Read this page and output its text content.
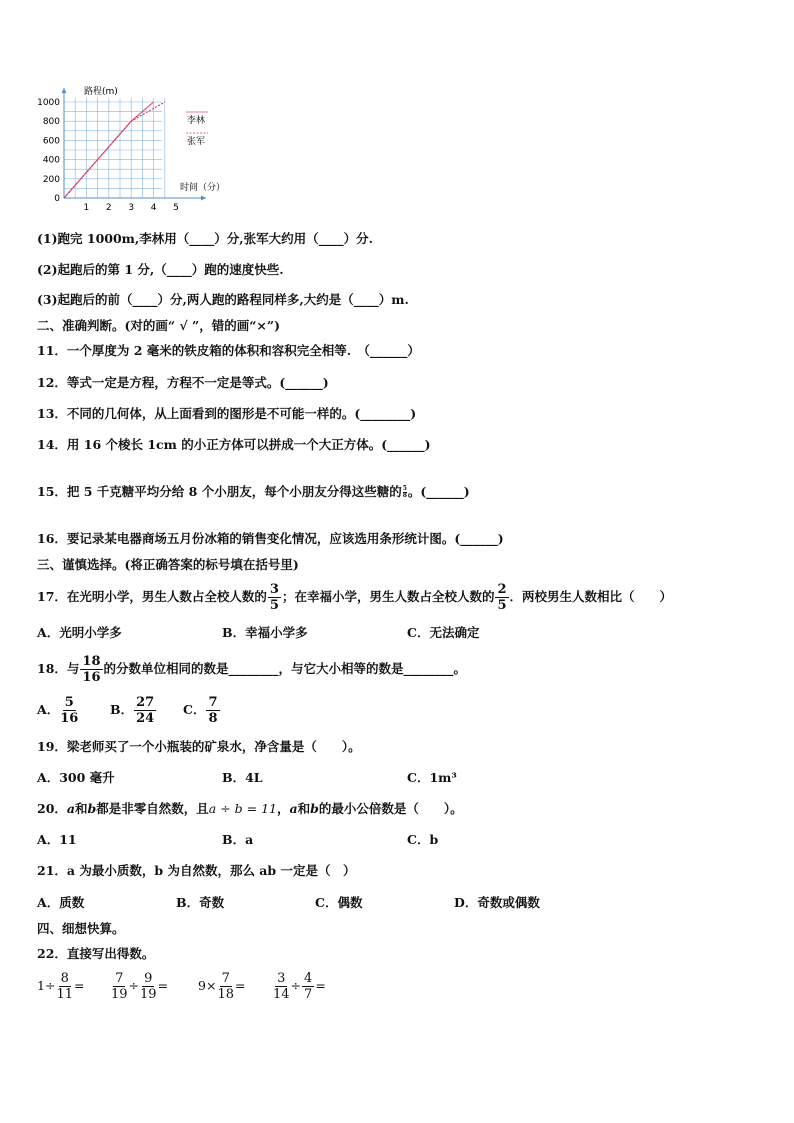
路程(m)
时间（分）
0
200
400
600
800
1000
1 2 3 4 5
李林
张军
(1)跑完 1000m,李林用（____）分,张军大约用（____）分.
(2)起跑后的第 1 分,（____）跑的速度快些.
(3)起跑后的前（____）分,两人跑的路程同样多,大约是（____）m.
二、准确判断。(对的画“ √ ”，错的画“×”)
11．一个厚度为 2 毫米的铁皮箱的体积和容积完全相等.　（______）
12．等式一定是方程，方程不一定是等式。(______)
13．不同的几何体，从上面看到的图形是不可能一样的。(________)
14．用 16 个棱长 1cm 的小正方体可以拼成一个大正方体。(______)
15．把 5 千克糖平均分给 8 个小朋友，每个小朋友分得这些糖的 $\frac{5}{8}$ 。(______)
16．要记录某电器商场五月份冰箱的销售变化情况，应该选用条形统计图。(______)
三、谨慎选择。(将正确答案的标号填在括号里)
17．在光明小学，男生人数占全校人数的 $\frac{3}{5}$ ；在幸福小学，男生人数占全校人数的 $\frac{2}{5}$ ．两校男生人数相比（　　）
A．光明小学多	B．幸福小学多	C．无法确定
18．与 $\frac{18}{16}$ 的分数单位相同的数是________，与它大小相等的数是________。
A． $\frac{5}{16}$	B． $\frac{27}{24}$ C． $\frac{7}{8}$
19．梁老师买了一个小瓶装的矿泉水，净含量是（　　）。
A．300 毫升	B．4L	C．1m³
20．a和b都是非零自然数，且a ÷ b = 11，a和b的最小公倍数是（　　）。
A．11	B．a	C．b
21．a 为最小质数，b 为自然数，那么 ab 一定是（　）
A．质数	B．奇数	C．偶数	D．奇数或偶数
四、细想快算。
22．直接写出得数。
$1\div \frac{8}{11} = \frac{7}{19} \div \frac{9}{19} = 9\times \frac{7}{18} = \frac{3}{14} \div \frac{4}{7}$ =
